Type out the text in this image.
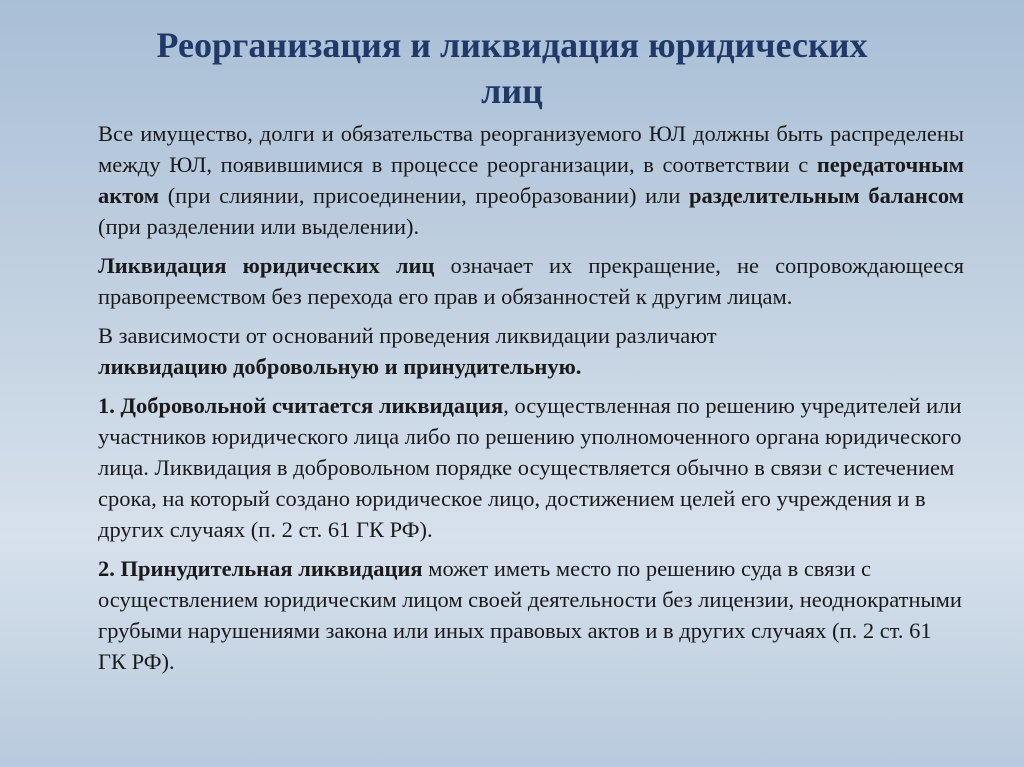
Реорганизация и ликвидация юридических
лиц

Все имущество, долги и обязательства реорганизуемого ЮЛ должны быть распределены между ЮЛ, появившимися в процессе реорганизации, в соответствии с передаточным актом (при слиянии, присоединении, преобразовании) или разделительным балансом (при разделении или выделении).

Ликвидация юридических лиц означает их прекращение, не сопровождающееся правопреемством без перехода его прав и обязанностей к другим лицам.

В зависимости от оснований проведения ликвидации различают
ликвидацию добровольную и принудительную.

1. Добровольной считается ликвидация, осуществленная по решению учредителей или участников юридического лица либо по решению уполномоченного органа юридического лица. Ликвидация в добровольном порядке осуществляется обычно в связи с истечением срока, на который создано юридическое лицо, достижением целей его учреждения и в других случаях (п. 2 ст. 61 ГК РФ).

2. Принудительная ликвидация может иметь место по решению суда в связи с осуществлением юридическим лицом своей деятельности без лицензии, неоднократными грубыми нарушениями закона или иных правовых актов и в других случаях (п. 2 ст. 61 ГК РФ).
